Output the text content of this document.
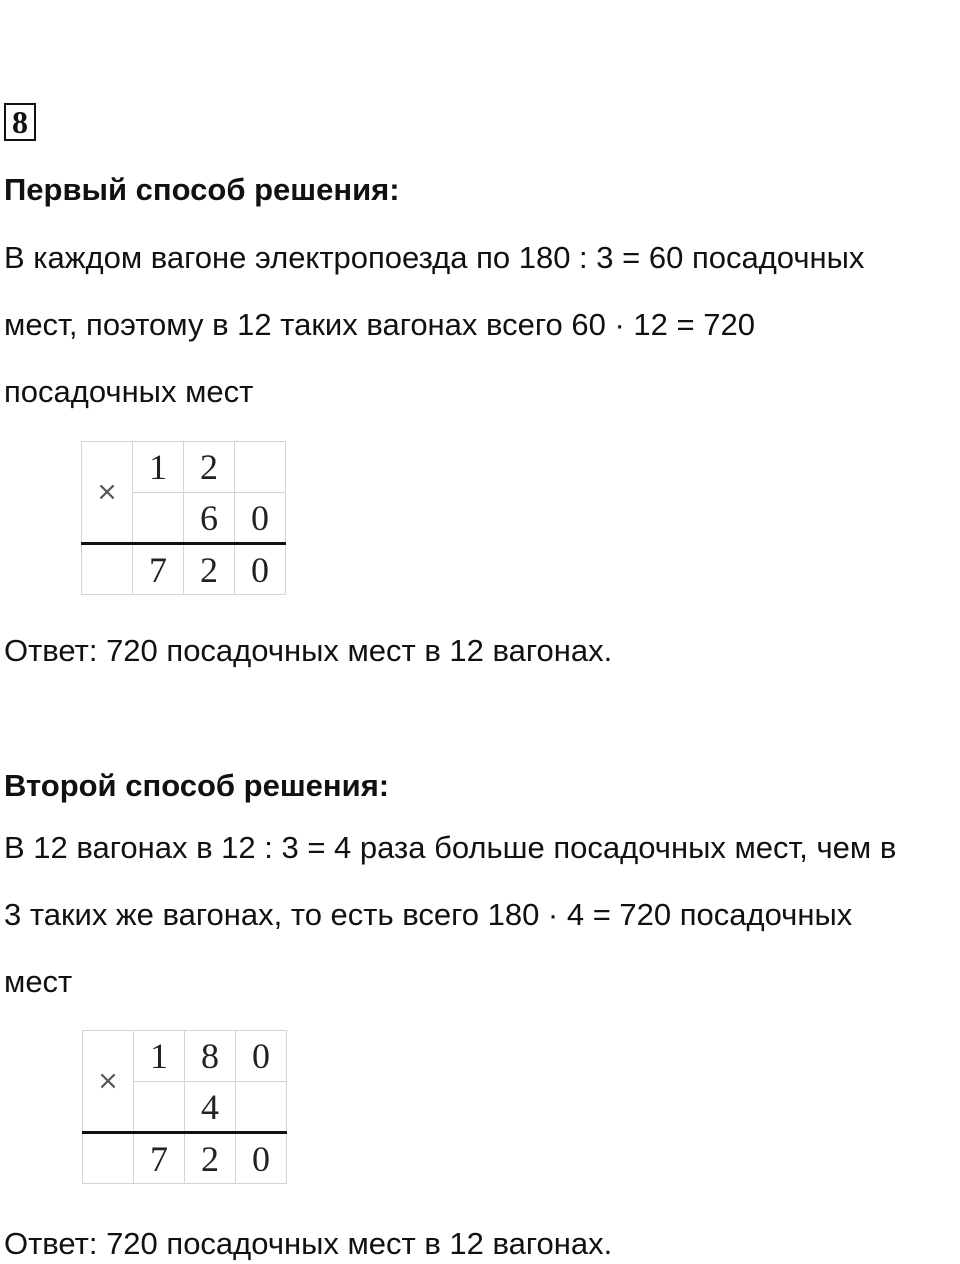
8
Первый способ решения:
В каждом вагоне электропоезда по 180 : 3 = 60 посадочных
мест, поэтому в 12 таких вагонах всего 60 · 12 = 720
посадочных мест
×	1	2	
		6	0
	7	2	0
Ответ: 720 посадочных мест в 12 вагонах.
Второй способ решения:
В 12 вагонах в 12 : 3 = 4 раза больше посадочных мест, чем в
3 таких же вагонах, то есть всего 180 · 4 = 720 посадочных
мест
×	1	8	0
		4	
	7	2	0
Ответ: 720 посадочных мест в 12 вагонах.
